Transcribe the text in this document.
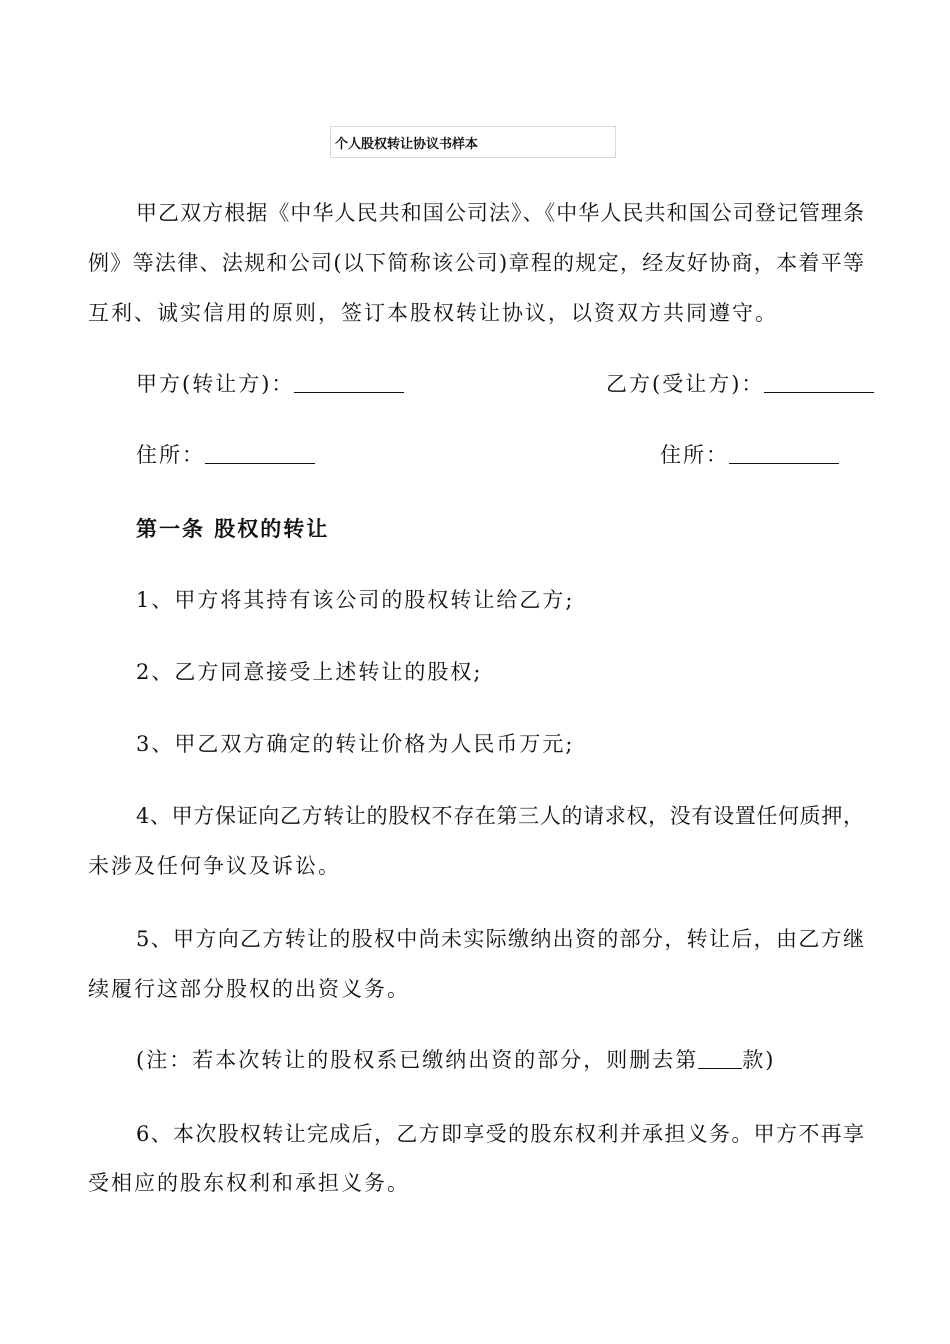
个人股权转让协议书样本
甲乙双方根据《中华人民共和国公司法》、《中华人民共和国公司登记管理条
例》等法律、法规和公司(以下简称该公司)章程的规定，经友好协商，本着平等
互利、诚实信用的原则，签订本股权转让协议，以资双方共同遵守。
甲方(转让方)：	乙方(受让方)：
住所：	住所：
第一条 股权的转让
1、甲方将其持有该公司的股权转让给乙方;
2、乙方同意接受上述转让的股权;
3、甲乙双方确定的转让价格为人民币万元;
4、甲方保证向乙方转让的股权不存在第三人的请求权，没有设置任何质押，
未涉及任何争议及诉讼。
5、甲方向乙方转让的股权中尚未实际缴纳出资的部分，转让后，由乙方继
续履行这部分股权的出资义务。
(注：若本次转让的股权系已缴纳出资的部分，则删去第 款)
6、本次股权转让完成后，乙方即享受的股东权利并承担义务。甲方不再享
受相应的股东权利和承担义务。
